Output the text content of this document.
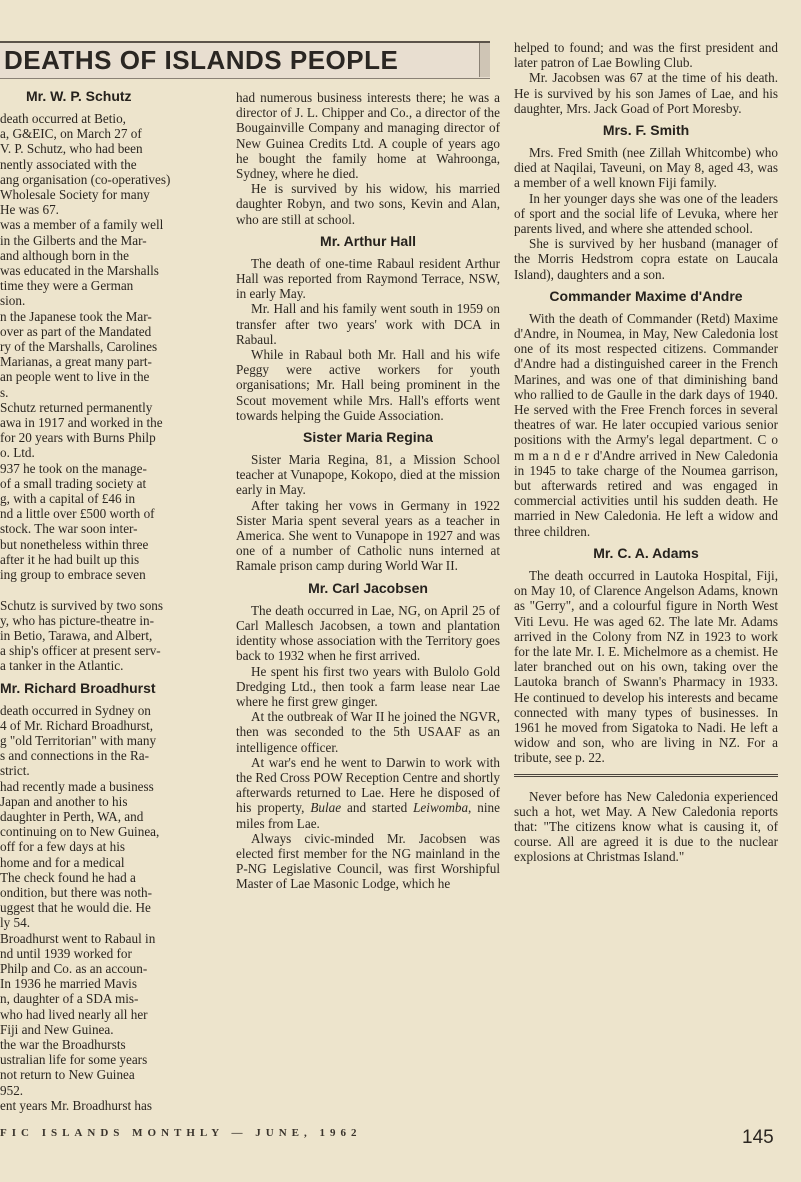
DEATHS OF ISLANDS PEOPLE
Mr. W. P. Schutz

death occurred at Betio,

a, G&EIC, on March 27 of

V. P. Schutz, who had been

nently associated with the

ang organisation (co-operatives)

Wholesale Society for many

He was 67.

was a member of a family well

in the Gilberts and the Mar-

and although born in the

was educated in the Marshalls

time they were a German

sion.

n the Japanese took the Mar-

over as part of the Mandated

ry of the Marshalls, Carolines

Marianas, a great many part-

an people went to live in the

s.

Schutz returned permanently

awa in 1917 and worked in the

for 20 years with Burns Philp

o. Ltd.

937 he took on the manage-

of a small trading society at

g, with a capital of £46 in

nd a little over £500 worth of

stock. The war soon inter-

but nonetheless within three

after it he had built up this

ing group to embrace seven

Schutz is survived by two sons

y, who has picture-theatre in-

in Betio, Tarawa, and Albert,

a ship's officer at present serv-

a tanker in the Atlantic.

Mr. Richard Broadhurst

death occurred in Sydney on

4 of Mr. Richard Broadhurst,

g "old Territorian" with many

s and connections in the Ra-

strict.

had recently made a business

Japan and another to his

daughter in Perth, WA, and

continuing on to New Guinea,

off for a few days at his

home and for a medical

The check found he had a

ondition, but there was noth-

uggest that he would die. He

ly 54.

Broadhurst went to Rabaul in

nd until 1939 worked for

Philp and Co. as an accoun-

In 1936 he married Mavis

n, daughter of a SDA mis-

who had lived nearly all her

Fiji and New Guinea.

the war the Broadhursts

ustralian life for some years

not return to New Guinea

952.

ent years Mr. Broadhurst has

had numerous business interests there; he was a director of J. L. Chipper and Co., a director of the Bougainville Company and managing director of New Guinea Credits Ltd. A couple of years ago he bought the family home at Wahroonga, Sydney, where he died.

He is survived by his widow, his married daughter Robyn, and two sons, Kevin and Alan, who are still at school.

Mr. Arthur Hall

The death of one-time Rabaul resident Arthur Hall was reported from Raymond Terrace, NSW, in early May.

Mr. Hall and his family went south in 1959 on transfer after two years' work with DCA in Rabaul.

While in Rabaul both Mr. Hall and his wife Peggy were active workers for youth organisations; Mr. Hall being prominent in the Scout movement while Mrs. Hall's efforts went towards helping the Guide Association.

Sister Maria Regina

Sister Maria Regina, 81, a Mission School teacher at Vunapope, Kokopo, died at the mission early in May.

After taking her vows in Germany in 1922 Sister Maria spent several years as a teacher in America. She went to Vunapope in 1927 and was one of a number of Catholic nuns interned at Ramale prison camp during World War II.

Mr. Carl Jacobsen

The death occurred in Lae, NG, on April 25 of Carl Mallesch Jacobsen, a town and plantation identity whose association with the Territory goes back to 1932 when he first arrived.

He spent his first two years with Bulolo Gold Dredging Ltd., then took a farm lease near Lae where he first grew ginger.

At the outbreak of War II he joined the NGVR, then was seconded to the 5th USAAF as an intelligence officer.

At war's end he went to Darwin to work with the Red Cross POW Reception Centre and shortly afterwards returned to Lae. Here he disposed of his property, Bulae and started Leiwomba, nine miles from Lae.

Always civic-minded Mr. Jacobsen was elected first member for the NG mainland in the P-NG Legislative Council, was first Worshipful Master of Lae Masonic Lodge, which he

helped to found; and was the first president and later patron of Lae Bowling Club.

Mr. Jacobsen was 67 at the time of his death. He is survived by his son James of Lae, and his daughter, Mrs. Jack Goad of Port Moresby.

Mrs. F. Smith

Mrs. Fred Smith (nee Zillah Whitcombe) who died at Naqilai, Taveuni, on May 8, aged 43, was a member of a well known Fiji family.

In her younger days she was one of the leaders of sport and the social life of Levuka, where her parents lived, and where she attended school.

She is survived by her husband (manager of the Morris Hedstrom copra estate on Laucala Island), daughters and a son.

Commander Maxime d'Andre

With the death of Commander (Retd) Maxime d'Andre, in Noumea, in May, New Caledonia lost one of its most respected citizens. Commander d'Andre had a distinguished career in the French Marines, and was one of that diminishing band who rallied to de Gaulle in the dark days of 1940. He served with the Free French forces in several theatres of war. He later occupied various senior positions with the Army's legal department. C o m m a n d e r d'Andre arrived in New Caledonia in 1945 to take charge of the Noumea garrison, but afterwards retired and was engaged in commercial activities until his sudden death. He married in New Caledonia. He left a widow and three children.

Mr. C. A. Adams

The death occurred in Lautoka Hospital, Fiji, on May 10, of Clarence Angelson Adams, known as "Gerry", and a colourful figure in North West Viti Levu. He was aged 62. The late Mr. Adams arrived in the Colony from NZ in 1923 to work for the late Mr. I. E. Michelmore as a chemist. He later branched out on his own, taking over the Lautoka branch of Swann's Pharmacy in 1933. He continued to develop his interests and became connected with many types of businesses. In 1961 he moved from Sigatoka to Nadi. He left a widow and son, who are living in NZ. For a tribute, see p. 22.

Never before has New Caledonia experienced such a hot, wet May. A New Caledonia reports that: "The citizens know what is causing it, of course. All are agreed it is due to the nuclear explosions at Christmas Island."

FIC ISLANDS MONTHLY — JUNE, 1962	145
